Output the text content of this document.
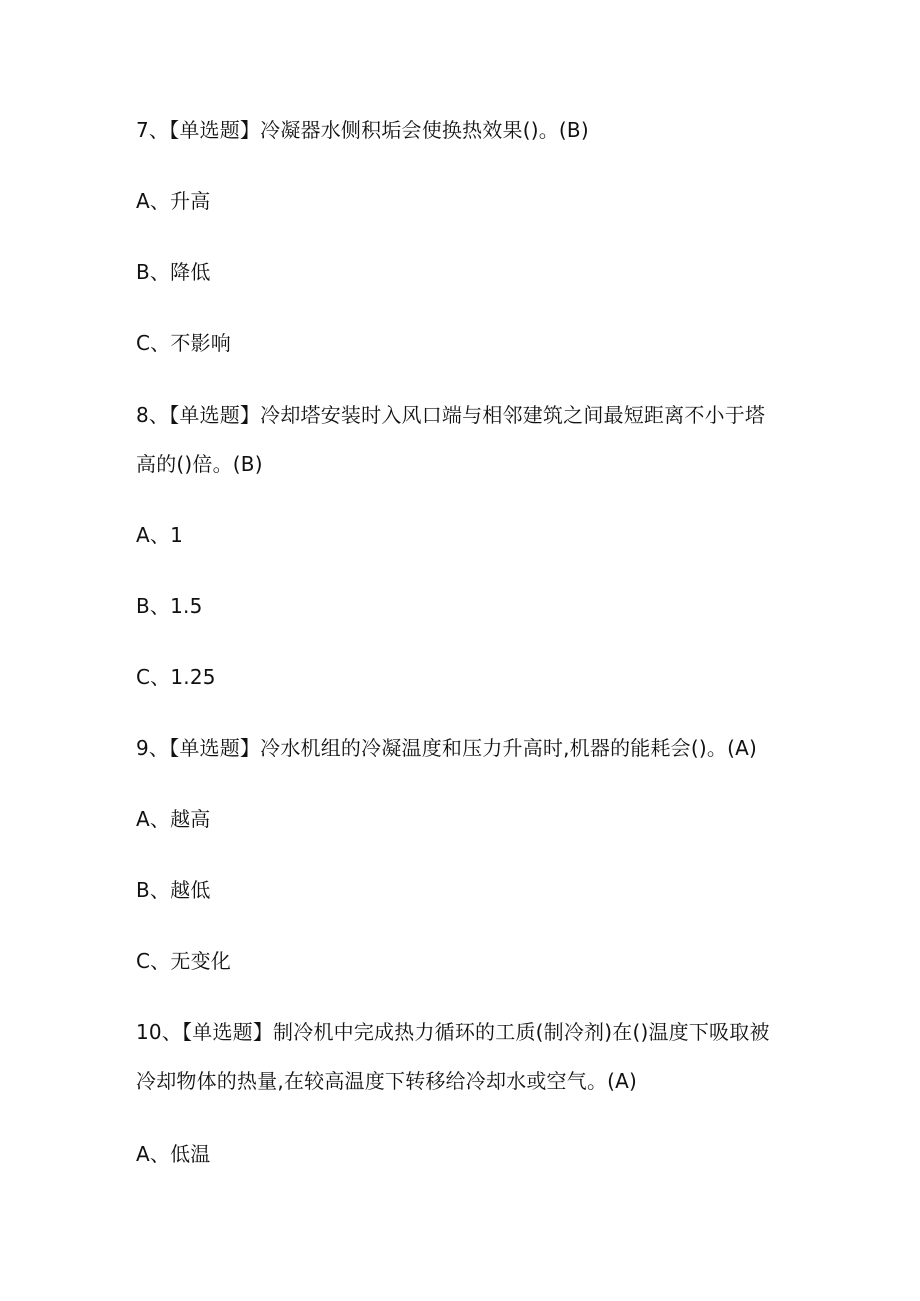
7、【单选题】冷凝器水侧积垢会使换热效果()。(B)
A、升高
B、降低
C、不影响
8、【单选题】冷却塔安装时入风口端与相邻建筑之间最短距离不小于塔
高的()倍。(B)
A、1
B、1.5
C、1.25
9、【单选题】冷水机组的冷凝温度和压力升高时,机器的能耗会()。(A)
A、越高
B、越低
C、无变化
10、【单选题】制冷机中完成热力循环的工质(制冷剂)在()温度下吸取被
冷却物体的热量,在较高温度下转移给冷却水或空气。(A)
A、低温
